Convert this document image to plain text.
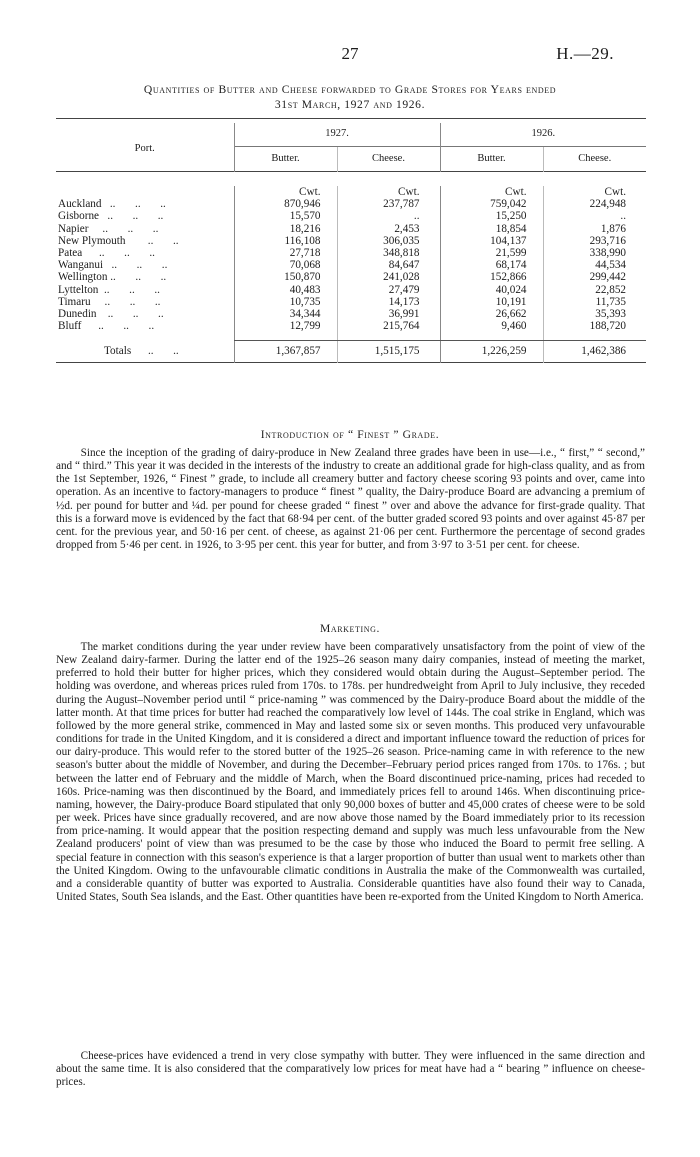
27	H.—29.
Quantities of Butter and Cheese forwarded to Grade Stores for Years ended
31st March, 1927 and 1926.

Port.	1927.		1926.	
	Butter.	Cheese.	Butter.	Cheese.

	Cwt.	Cwt.	Cwt.	Cwt.
Auckland   ..       ..       ..	870,946	237,787	759,042	224,948
Gisborne   ..       ..       ..	15,570	..	15,250	..
Napier     ..       ..       ..	18,216	2,453	18,854	1,876
New Plymouth        ..       ..	116,108	306,035	104,137	293,716
Patea      ..       ..       ..	27,718	348,818	21,599	338,990
Wanganui   ..       ..       ..	70,068	84,647	68,174	44,534
Wellington ..       ..       ..	150,870	241,028	152,866	299,442
Lyttelton  ..       ..       ..	40,483	27,479	40,024	22,852
Timaru     ..       ..       ..	10,735	14,173	10,191	11,735
Dunedin    ..       ..       ..	34,344	36,991	26,662	35,393
Bluff      ..       ..       ..	12,799	215,764	9,460	188,720

Totals      ..       ..	1,367,857	1,515,175	1,226,259	1,462,386

Introduction of “ Finest ” Grade.

Since the inception of the grading of dairy-produce in New Zealand three grades have been in use—i.e., “ first,” “ second,” and “ third.” This year it was decided in the interests of the industry to create an additional grade for high-class quality, and as from the 1st September, 1926, “ Finest ” grade, to include all creamery butter and factory cheese scoring 93 points and over, came into operation. As an incentive to factory-managers to produce “ finest ” quality, the Dairy-produce Board are advancing a premium of ½d. per pound for butter and ¼d. per pound for cheese graded “ finest ” over and above the advance for first-grade quality. That this is a forward move is evidenced by the fact that 68·94 per cent. of the butter graded scored 93 points and over against 45·87 per cent. for the previous year, and 50·16 per cent. of cheese, as against 21·06 per cent. Furthermore the percentage of second grades dropped from 5·46 per cent. in 1926, to 3·95 per cent. this year for butter, and from 3·97 to 3·51 per cent. for cheese.

Marketing.

The market conditions during the year under review have been comparatively unsatisfactory from the point of view of the New Zealand dairy-farmer. During the latter end of the 1925–26 season many dairy companies, instead of meeting the market, preferred to hold their butter for higher prices, which they considered would obtain during the August–September period. The holding was overdone, and whereas prices ruled from 170s. to 178s. per hundredweight from April to July inclusive, they receded during the August–November period until “ price-naming ” was commenced by the Dairy-produce Board about the middle of the latter month. At that time prices for butter had reached the comparatively low level of 144s. The coal strike in England, which was followed by the more general strike, commenced in May and lasted some six or seven months. This produced very unfavourable conditions for trade in the United Kingdom, and it is considered a direct and important influence toward the reduction of prices for our dairy-produce. This would refer to the stored butter of the 1925–26 season. Price-naming came in with reference to the new season's butter about the middle of November, and during the December–February period prices ranged from 170s. to 176s. ; but between the latter end of February and the middle of March, when the Board discontinued price-naming, prices had receded to 160s. Price-naming was then discontinued by the Board, and immediately prices fell to around 146s. When discontinuing price-naming, however, the Dairy-produce Board stipulated that only 90,000 boxes of butter and 45,000 crates of cheese were to be sold per week. Prices have since gradually recovered, and are now above those named by the Board immediately prior to its recession from price-naming. It would appear that the position respecting demand and supply was much less unfavourable from the New Zealand producers' point of view than was presumed to be the case by those who induced the Board to permit free selling. A special feature in connection with this season's experience is that a larger proportion of butter than usual went to markets other than the United Kingdom. Owing to the unfavourable climatic conditions in Australia the make of the Commonwealth was curtailed, and a considerable quantity of butter was exported to Australia. Considerable quantities have also found their way to Canada, United States, South Sea islands, and the East. Other quantities have been re-exported from the United Kingdom to North America.

Cheese-prices have evidenced a trend in very close sympathy with butter. They were influenced in the same direction and about the same time. It is also considered that the comparatively low prices for meat have had a “ bearing ” influence on cheese-prices.
